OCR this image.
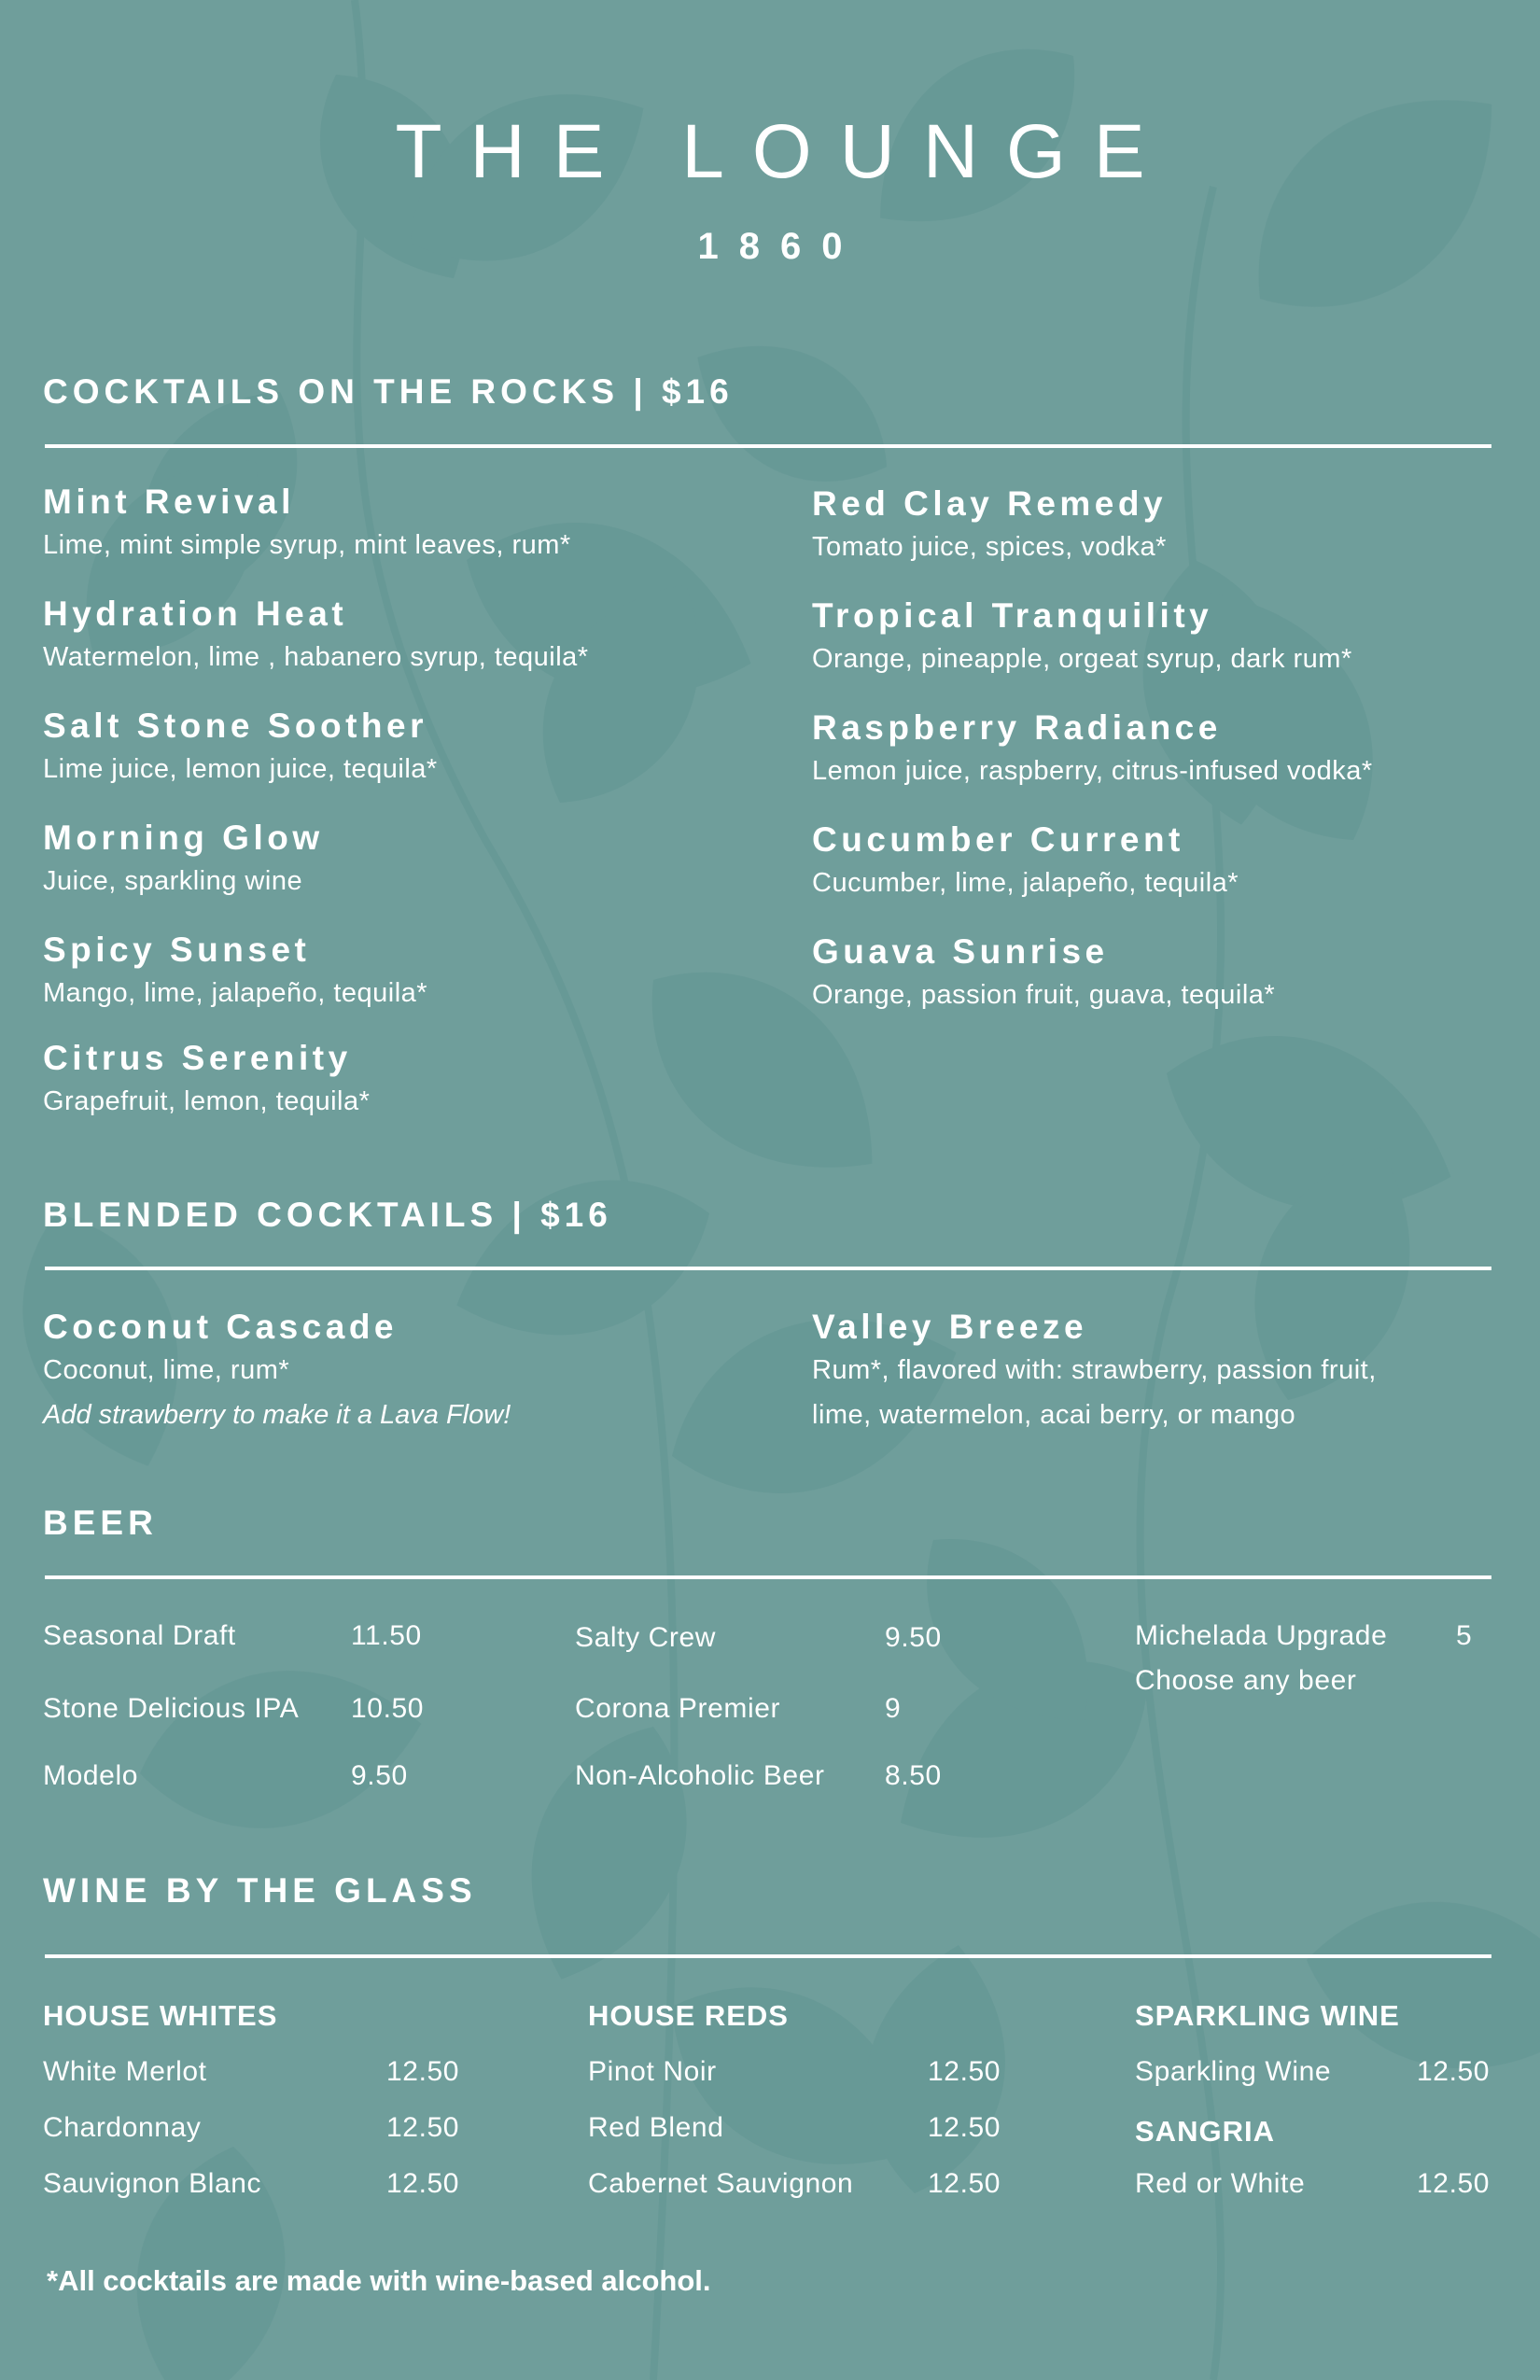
THE LOUNGE
1860
COCKTAILS ON THE ROCKS | $16
Mint Revival
Lime, mint simple syrup, mint leaves, rum*
Hydration Heat
Watermelon, lime , habanero syrup, tequila*
Salt Stone Soother
Lime juice, lemon juice, tequila*
Morning Glow
Juice, sparkling wine
Spicy Sunset
Mango, lime, jalapeño, tequila*
Citrus Serenity
Grapefruit, lemon, tequila*
Red Clay Remedy
Tomato juice, spices, vodka*
Tropical Tranquility
Orange, pineapple, orgeat syrup, dark rum*
Raspberry Radiance
Lemon juice, raspberry, citrus-infused vodka*
Cucumber Current
Cucumber, lime, jalapeño, tequila*
Guava Sunrise
Orange, passion fruit, guava, tequila*
BLENDED COCKTAILS | $16
Coconut Cascade
Coconut, lime, rum*
Add strawberry to make it a Lava Flow!
Valley Breeze
Rum*, flavored with: strawberry, passion fruit,
lime, watermelon, acai berry, or mango
BEER
Seasonal Draft	11.50
Stone Delicious IPA 10.50
Modelo	9.50
Salty Crew	9.50
Corona Premier	9
Non-Alcoholic Beer 8.50
Michelada Upgrade 5
Choose any beer
WINE BY THE GLASS
HOUSE WHITES
White Merlot	12.50
Chardonnay	12.50
Sauvignon Blanc	12.50
HOUSE REDS
Pinot Noir	12.50
Red Blend	12.50
Cabernet Sauvignon	12.50
SPARKLING WINE
Sparkling Wine	12.50
SANGRIA
Red or White	12.50
*All cocktails are made with wine-based alcohol.
